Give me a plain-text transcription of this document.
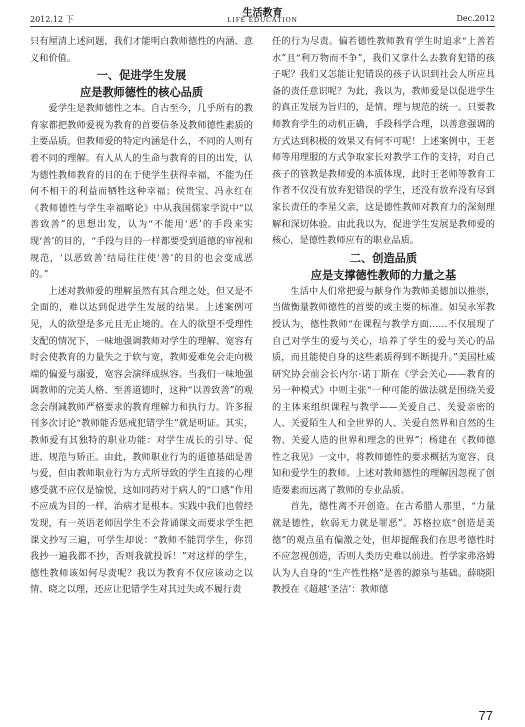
2012.12 下
生活教育
LIFE EDUCATION	Dec.2012

只有厘清上述问题，我们才能明白教师德性的内涵、意义和价值。

一、促进学生发展

应是教师德性的核心品质

爱学生是教师德性之本。自古至今，几乎所有的教育家都把教师爱视为教育的首要信条及教师德性素质的主要品质。但教师爱的特定内涵是什么，不同的人则有着不同的理解。有人从人的生命与教育的目的出发，认为德性教师教育的目的在于使学生获得幸福，不能为任何不相干的利益而牺牲这种幸福；侯贵宝、冯永红在《教师德性与学生幸福略论》中从我国儒家学说中“以善致善”的思想出发，认为“不能用‘恶’的手段来实现‘善’的目的，“手段与目的一样都要受到道德的审视和规范，‘以恶致善’结局往往使‘善’的目的也会变成恶的。”

上述对教师爱的理解虽然有其合理之处，但又是不全面的，难以达到促进学生发展的结果。上述案例可见，人的欲望是多元且无止境的。在人的欲望不受理性支配的情况下，一味地强调教师对学生的理解、宽容有时会使教育的力量失之于软与宽，教师爱难免会走向极端的偏爱与溺爱，宽容会演绎成纵容。当我们一味地强调教师的完美人格、至善道德时，这种“以善致善”的观念会削减教师严格要求的教育理解力和执行力。许多报刊多次讨论“教师能否惩戒犯错学生”就是明证。其实，教师爱有其独特的职业功能：对学生成长的引导、促进、规范与矫正。由此，教师职业行为的道德基础是善与爱，但由教师职业行为方式所导致的学生直接的心理感受就不应仅是愉悦，这如同药对于病人的“口感”作用不应成为目的一样，治病才是根本。实践中我们也曾经发现，有一英语老师因学生不会背诵课文而要求学生把课文抄写三遍，可学生却说：“教师不能罚学生，你罚我抄一遍我都不抄，否则我就投诉！”对这样的学生，德性教师该如何尽责呢？我以为教育不仅应该动之以情、晓之以理，还应让犯错学生对其过失或不履行责

任的行为尽责。偏若德性教师教育学生时追求“上善若水”且“利万物而不争”，我们又拿什么去教育犯错的孩子呢？我们又怎能让犯错误的孩子认识到社会人所应具备的责任意识呢？为此，我以为，教师爱是以促进学生的真正发展为旨归的，是情、理与规范的统一。只要教师教育学生的动机正确，手段科学合理，以善意强调的方式达到积极的效果又有何不可呢！上述案例中，王老师等用理服的方式争取家长对教学工作的支持，对自己孩子的管教是教师爱的本质体现，此时王老师等教育工作者不仅没有放弃犯错误的学生，还没有放弃没有尽到家长责任的李星父亲，这是德性教师对教育力的深刻理解和深切体验。由此我以为，促进学生发展是教师爱的核心，是德性教师应有的职业品质。

二、创造品质

应是支撑德性教师的力量之基

生活中人们常把爱与献身作为教师美德加以推崇，当做衡量教师德性的首要的或主要的标准。如吴永军教授认为，德性教师“在课程与教学方面……不仅展现了自己对学生的爱与关心，培养了学生的爱与关心的品质，而且能使自身的这些素质得到不断提升。”美国杜威研究协会前会长内尔·诺丁斯在《学会关心——教育的另一种模式》中则主张“一种可能的做法就是围绕关爱的主体来组织课程与教学——关爱自己、关爱亲密的人、关爱陌生人和全世界的人、关爱自然界和自然的生物、关爱人造的世界和理念的世界”；杨建在《教师德性之我见》一文中，将教师德性的要求概括为宽容、良知和爱学生的教师。上述对教师德性的理解因忽视了创造要素而远离了教师的专业品质。

首先，德性离不开创造。在古希腊人那里，“力量就是德性，软弱无力就是罪恶”。苏格拉底“创造是美德”的观点虽有偏激之处，但却提醒我们在思考德性时不应忽视创造，否则人类历史难以前进。哲学家弗洛姆认为人自身的“生产性性格”是善的源泉与基础。薛晓阳教授在《超越‘圣洁’：教师德

77
